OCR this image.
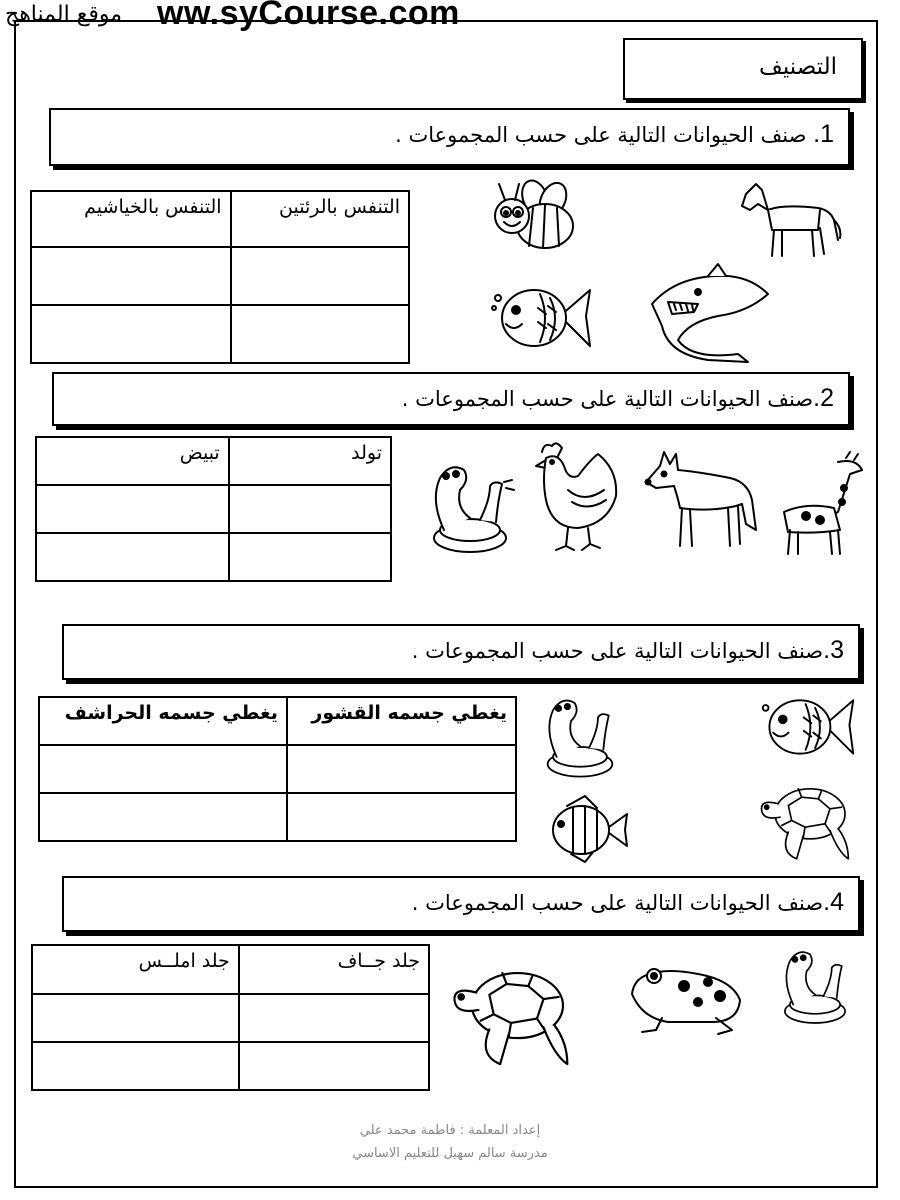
موقع المناهج ww.syCourse.com
التصنيف
1. صنف الحيوانات التالية على حسب المجموعات .
التنفس بالرئتين	التنفس بالخياشيم

2.صنف الحيوانات التالية على حسب المجموعات .
تولد	تبيض

3.صنف الحيوانات التالية على حسب المجموعات .
يغطي جسمه القشور	يغطي جسمه الحراشف

4.صنف الحيوانات التالية على حسب المجموعات .
جلد جــاف	جلد املــس

إعداد المعلمة : فاطمة محمد علي
مدرسة سالم سهيل للتعليم الاساسي
